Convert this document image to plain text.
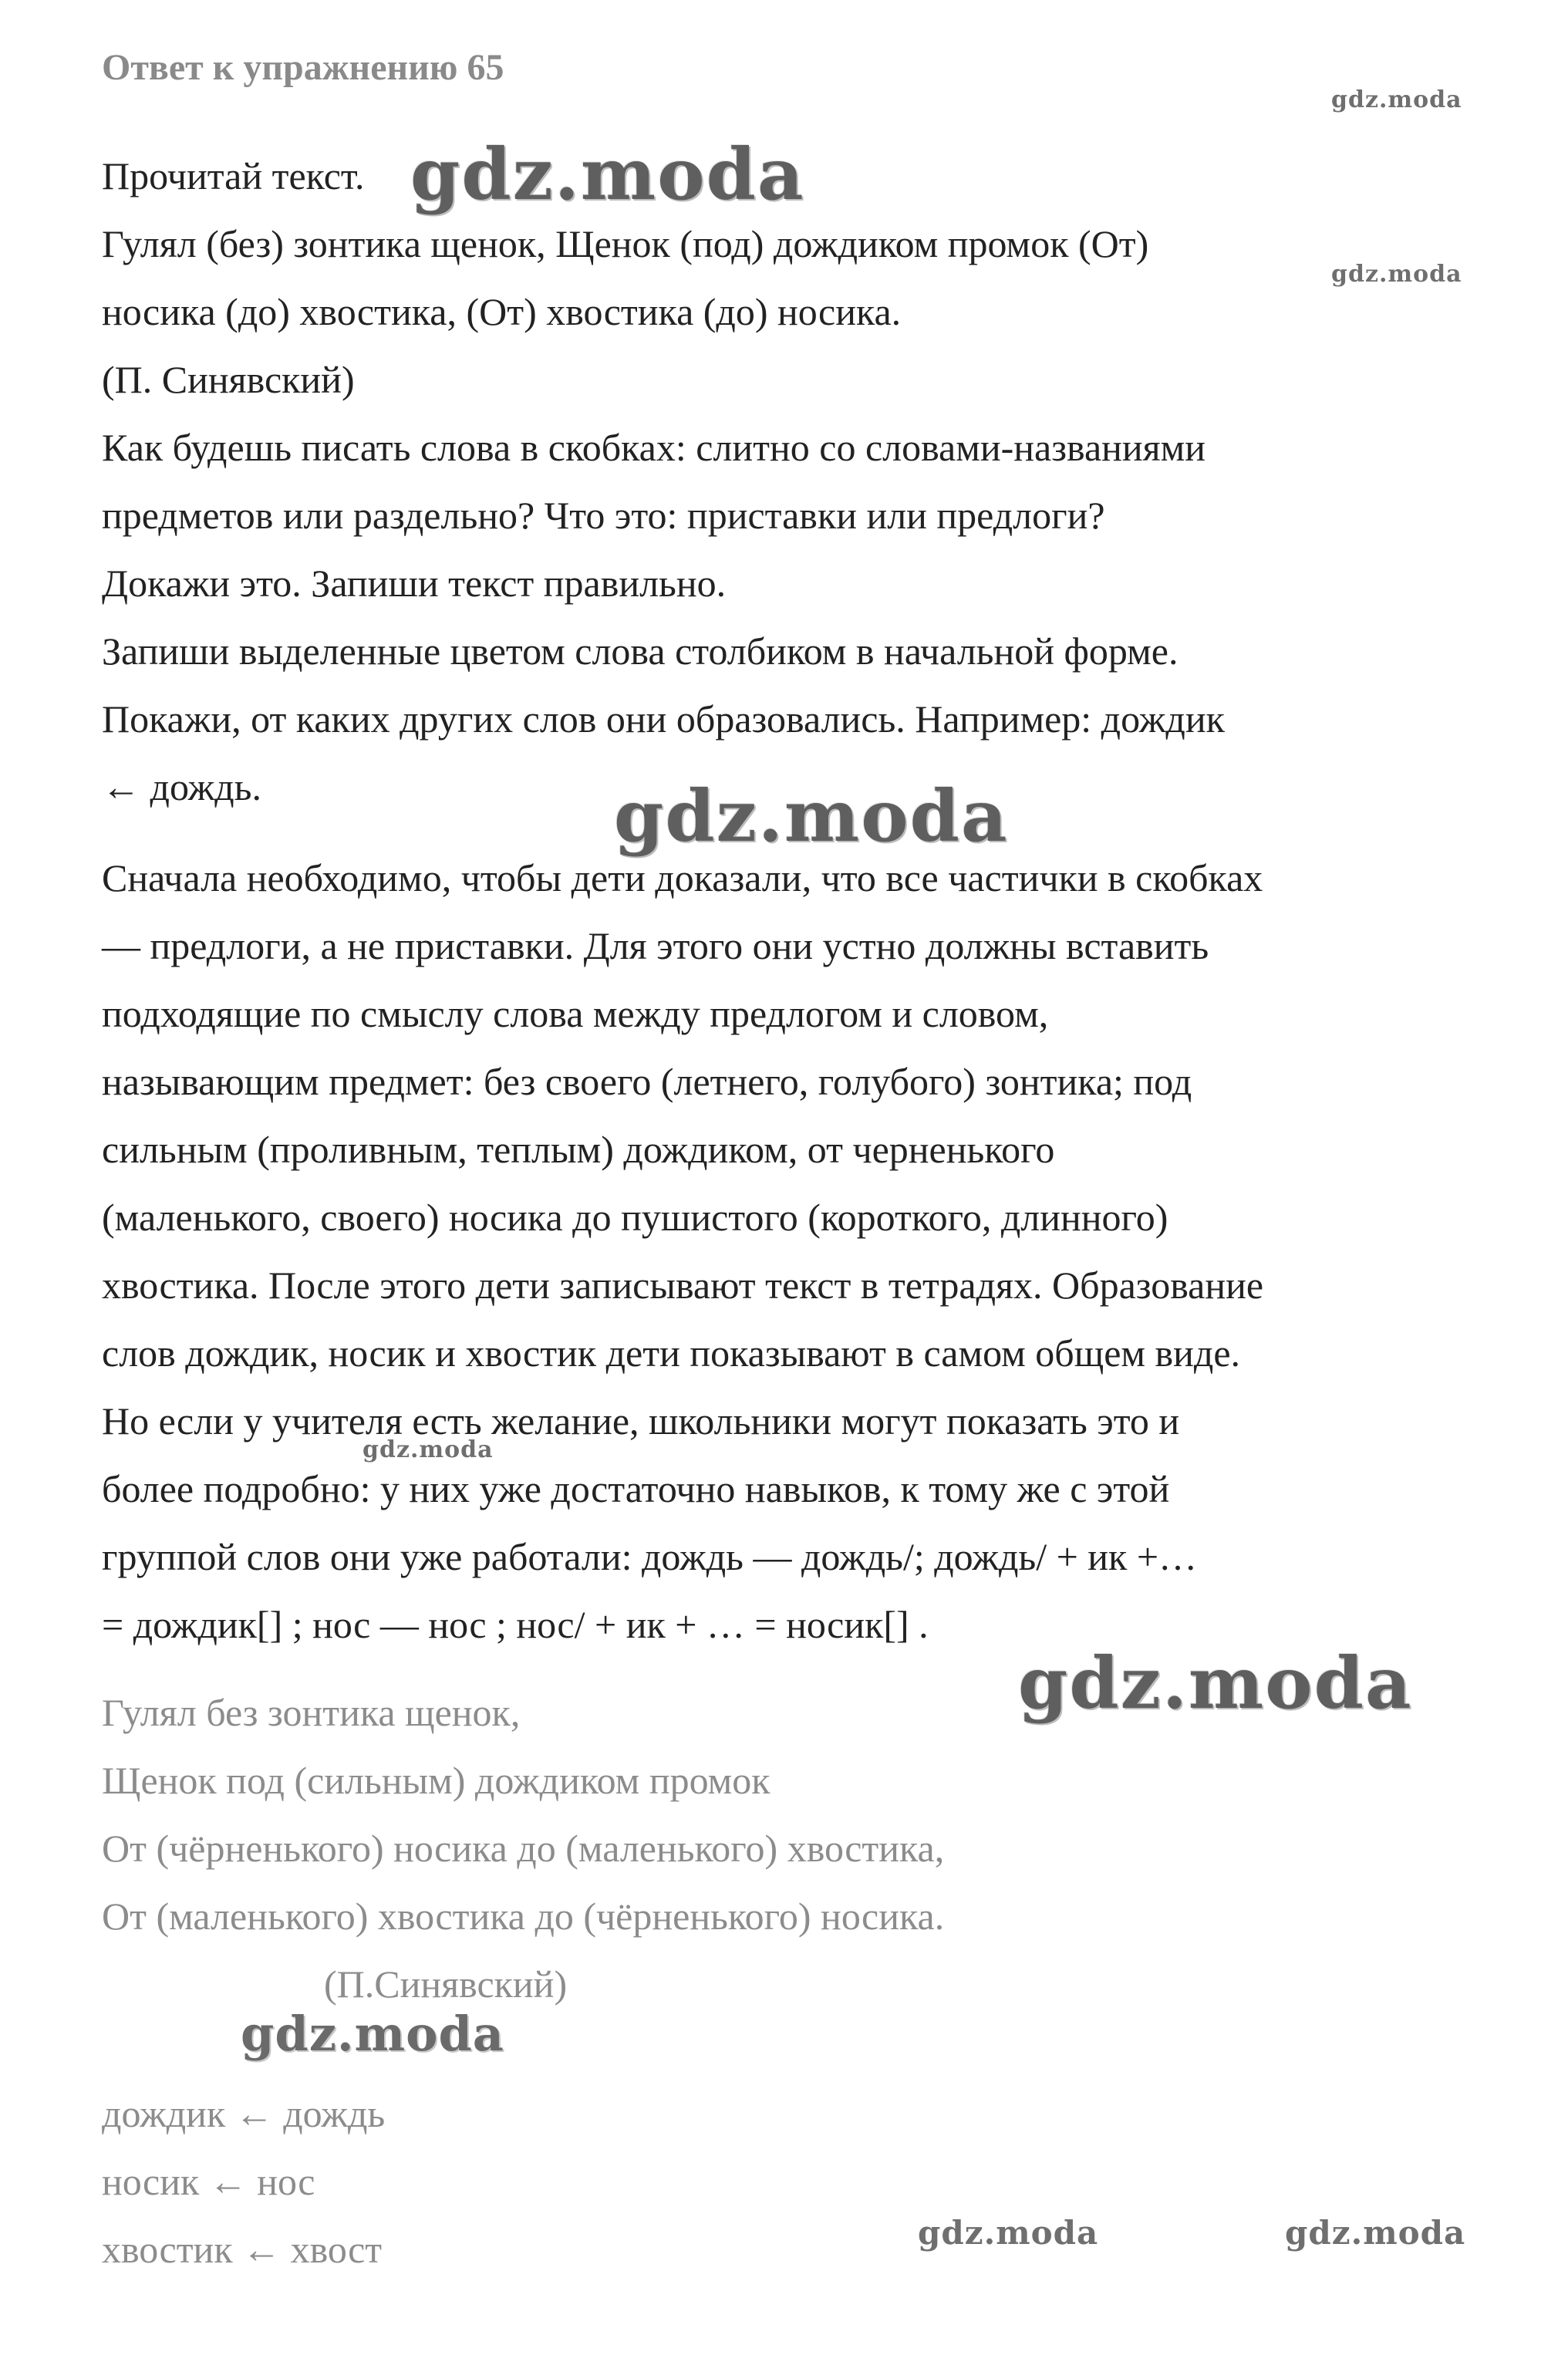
Ответ к упражнению 65
Прочитай текст.
Гулял (без) зонтика щенок, Щенок (под) дождиком промок (От)
носика (до) хвостика, (От) хвостика (до) носика.
(П. Синявский)
Как будешь писать слова в скобках: слитно со словами-названиями
предметов или раздельно? Что это: приставки или предлоги?
Докажи это. Запиши текст правильно.
Запиши выделенные цветом слова столбиком в начальной форме.
Покажи, от каких других слов они образовались. Например: дождик
← дождь.
Сначала необходимо, чтобы дети доказали, что все частички в скобках
— предлоги, а не приставки. Для этого они устно должны вставить
подходящие по смыслу слова между предлогом и словом,
называющим предмет: без своего (летнего, голубого) зонтика; под
сильным (проливным, теплым) дождиком, от черненького
(маленького, своего) носика до пушистого (короткого, длинного)
хвостика. После этого дети записывают текст в тетрадях. Образование
слов дождик, носик и хвостик дети показывают в самом общем виде.
Но если у учителя есть желание, школьники могут показать это и
более подробно: у них уже достаточно навыков, к тому же с этой
группой слов они уже работали: дождь — дождь/; дождь/ + ик +…
= дождик[] ; нос — нос ; нос/ + ик + … = носик[] .
Гулял без зонтика щенок,
Щенок под (сильным) дождиком промок
От (чёрненького) носика до (маленького) хвостика,
От (маленького) хвостика до (чёрненького) носика.
(П.Синявский)
дождик ← дождь
носик ← нос
хвостик ← хвост
gdz.moda
gdz.moda
gdz.moda
gdz.moda
gdz.moda
gdz.moda
gdz.moda
gdz.moda	gdz.moda
